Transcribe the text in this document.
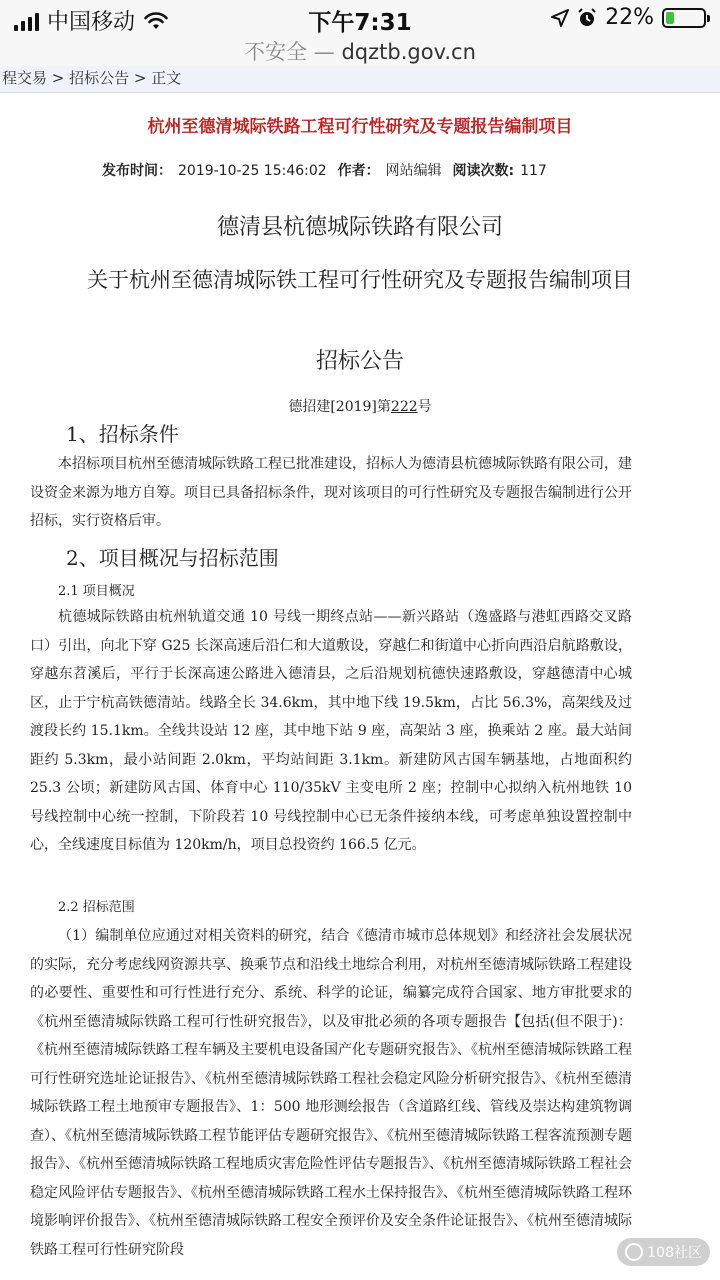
中国移动	下午7:31	22%
不安全 — dqztb.gov.cn
程交易 > 招标公告 > 正文
杭州至德清城际铁路工程可行性研究及专题报告编制项目
发布时间： 2019-10-25 15:46:02 作者： 网站编辑 阅读次数: 117
德清县杭德城际铁路有限公司
关于杭州至德清城际铁工程可行性研究及专题报告编制项目
招标公告
德招建[2019]第222号
1、招标条件
本招标项目杭州至德清城际铁路工程已批准建设，招标人为德清县杭德城际铁路有限公司，建设资金来源为地方自筹。项目已具备招标条件，现对该项目的可行性研究及专题报告编制进行公开招标，实行资格后审。
2、项目概况与招标范围
2.1 项目概况
杭德城际铁路由杭州轨道交通 10 号线一期终点站——新兴路站（逸盛路与港虹西路交叉路口）引出，向北下穿 G25 长深高速后沿仁和大道敷设，穿越仁和街道中心折向西沿启航路敷设，穿越东苕溪后，平行于长深高速公路进入德清县，之后沿规划杭德快速路敷设，穿越德清中心城区，止于宁杭高铁德清站。线路全长 34.6km，其中地下线 19.5km，占比 56.3%，高架线及过渡段长约 15.1km。全线共设站 12 座，其中地下站 9 座，高架站 3 座，换乘站 2 座。最大站间距约 5.3km，最小站间距 2.0km，平均站间距 3.1km。新建防风古国车辆基地，占地面积约 25.3 公顷；新建防风古国、体育中心 110/35kV 主变电所 2 座；控制中心拟纳入杭州地铁 10 号线控制中心统一控制，下阶段若 10 号线控制中心已无条件接纳本线，可考虑单独设置控制中心，全线速度目标值为 120km/h，项目总投资约 166.5 亿元。
2.2 招标范围
（1）编制单位应通过对相关资料的研究，结合《德清市城市总体规划》和经济社会发展状况的实际，充分考虑线网资源共享、换乘节点和沿线土地综合利用，对杭州至德清城际铁路工程建设的必要性、重要性和可行性进行充分、系统、科学的论证，编纂完成符合国家、地方审批要求的《杭州至德清城际铁路工程可行性研究报告》，以及审批必须的各项专题报告【包括(但不限于)：《杭州至德清城际铁路工程车辆及主要机电设备国产化专题研究报告》、《杭州至德清城际铁路工程可行性研究选址论证报告》、《杭州至德清城际铁路工程社会稳定风险分析研究报告》、《杭州至德清城际铁路工程土地预审专题报告》、1：500 地形测绘报告（含道路红线、管线及崇达构建筑物调查）、《杭州至德清城际铁路工程节能评估专题研究报告》、《杭州至德清城际铁路工程客流预测专题报告》、《杭州至德清城际铁路工程地质灾害危险性评估专题报告》、《杭州至德清城际铁路工程社会稳定风险评估专题报告》、《杭州至德清城际铁路工程水土保持报告》、《杭州至德清城际铁路工程环境影响评价报告》、《杭州至德清城际铁路工程安全预评价及安全条件论证报告》、《杭州至德清城际铁路工程可行性研究阶段	108社区
